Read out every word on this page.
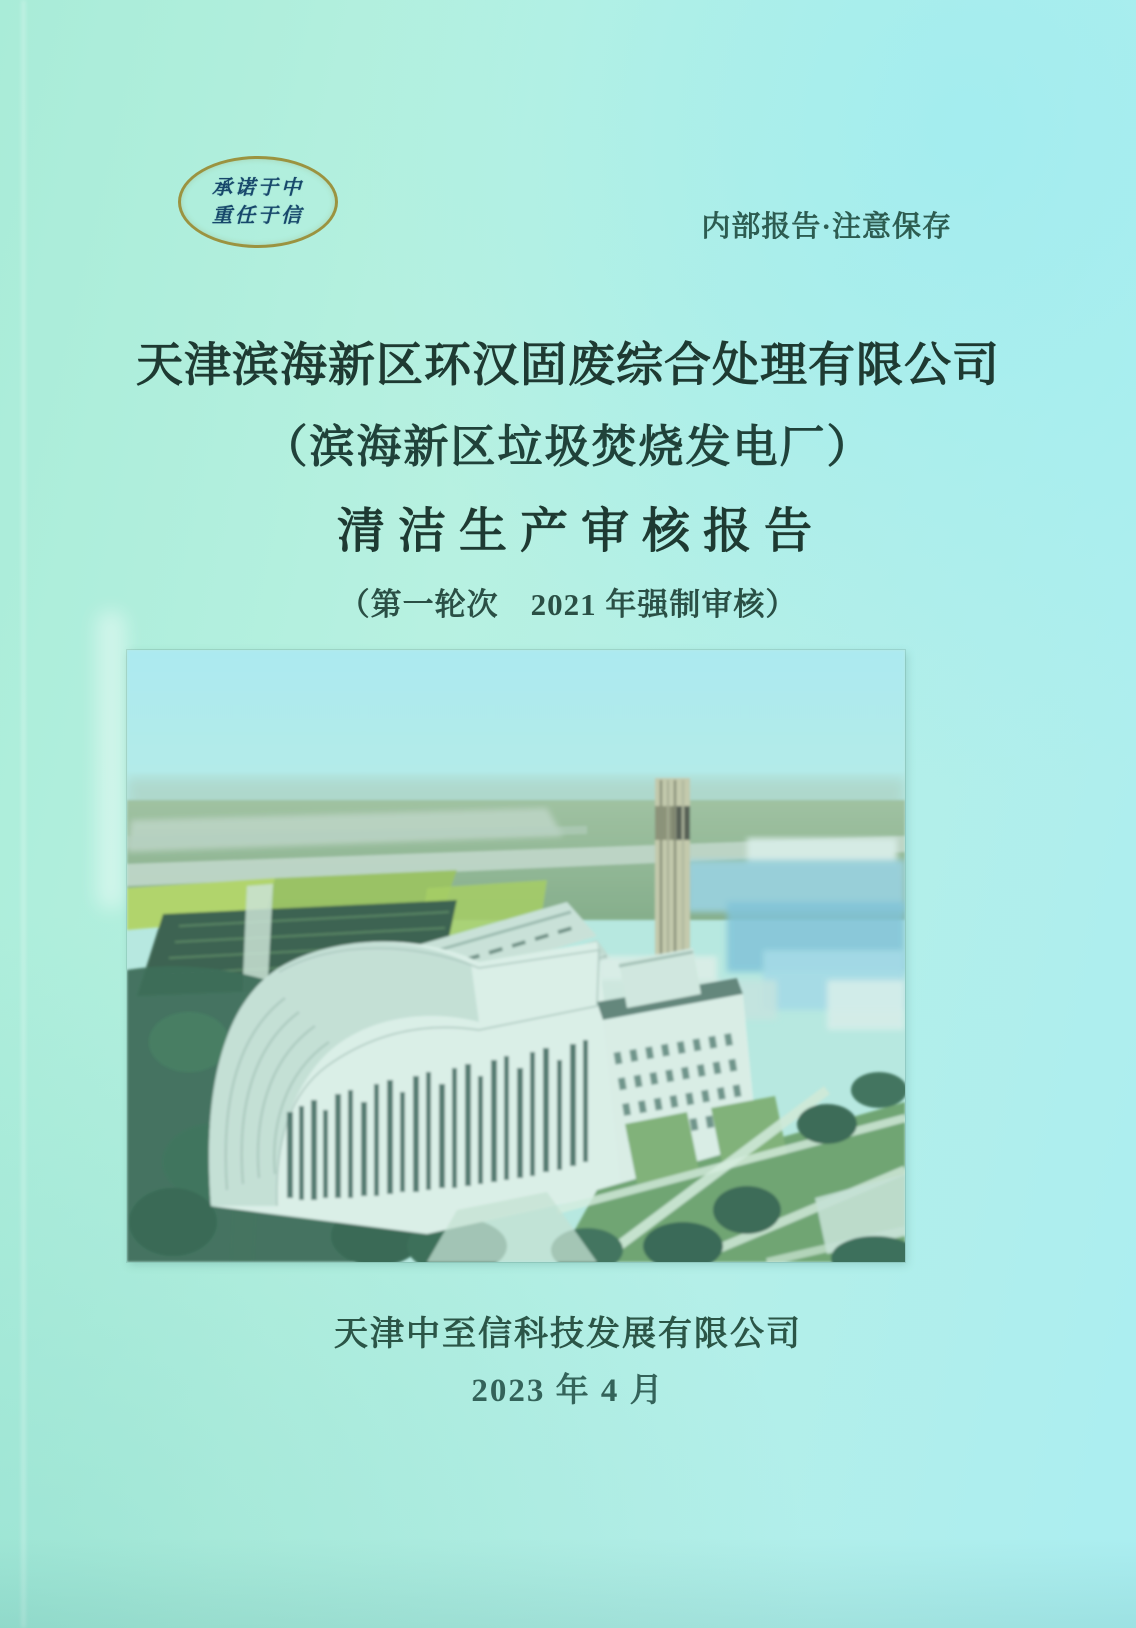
承诺于中
重任于信	内部报告·注意保存
天津滨海新区环汉固废综合处理有限公司
（滨海新区垃圾焚烧发电厂）
清洁生产审核报告
（第一轮次　2021 年强制审核）
天津中至信科技发展有限公司
2023 年 4 月
